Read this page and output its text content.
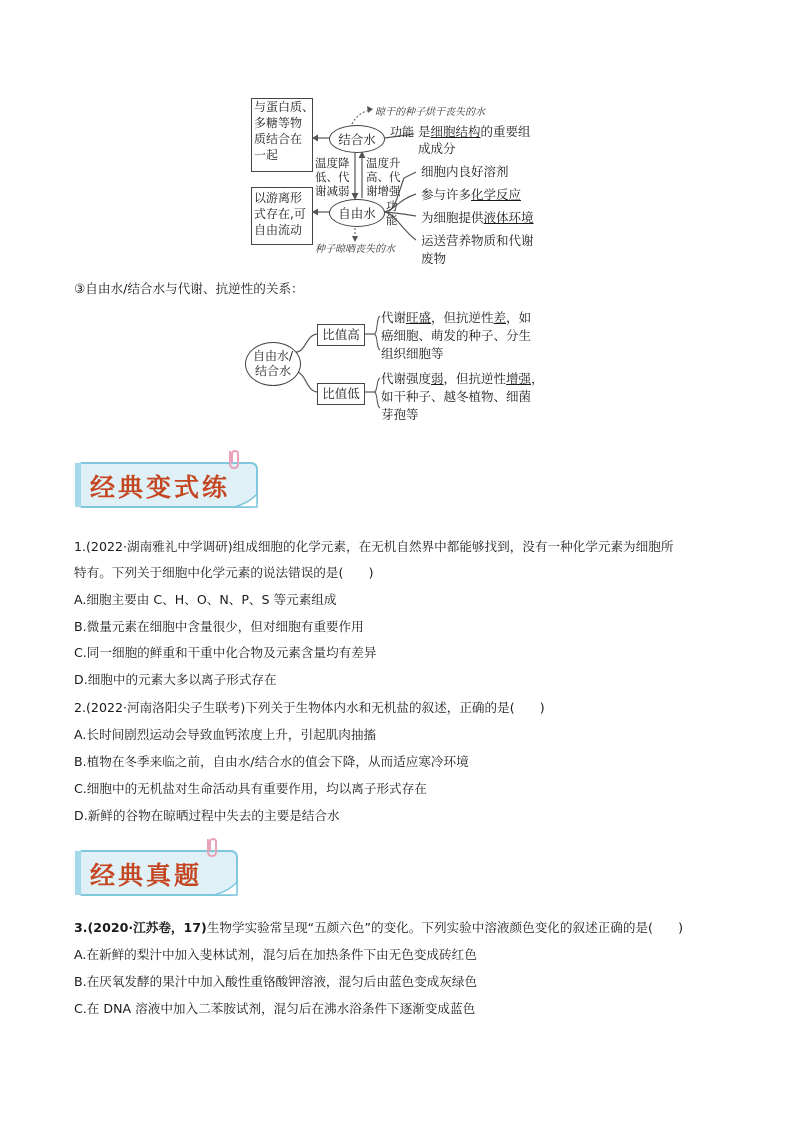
与蛋白质、
多糖等物
质结合在
一起
以游离形
式存在,可
自由流动
结合水
自由水
晾干的种子烘干丧失的水
种子晾晒丧失的水
功能 是细胞结构的重要组
成成分
温度降
低、代
谢减弱
温度升
高、代
谢增强
功
能
细胞内良好溶剂
参与许多化学反应
为细胞提供液体环境
运送营养物质和代谢
废物
③自由水/结合水与代谢、抗逆性的关系：
自由水/
结合水
比值高
比值低
代谢旺盛，但抗逆性差，如
癌细胞、萌发的种子、分生
组织细胞等
代谢强度弱，但抗逆性增强，
如干种子、越冬植物、细菌
芽孢等
经典变式练
1.(2022·湖南雅礼中学调研)组成细胞的化学元素，在无机自然界中都能够找到，没有一种化学元素为细胞所
特有。下列关于细胞中化学元素的说法错误的是(　　)
A.细胞主要由 C、H、O、N、P、S 等元素组成
B.微量元素在细胞中含量很少，但对细胞有重要作用
C.同一细胞的鲜重和干重中化合物及元素含量均有差异
D.细胞中的元素大多以离子形式存在
2.(2022·河南洛阳尖子生联考)下列关于生物体内水和无机盐的叙述，正确的是(　　)
A.长时间剧烈运动会导致血钙浓度上升，引起肌肉抽搐
B.植物在冬季来临之前，自由水/结合水的值会下降，从而适应寒冷环境
C.细胞中的无机盐对生命活动具有重要作用，均以离子形式存在
D.新鲜的谷物在晾晒过程中失去的主要是结合水
经典真题
3.(2020·江苏卷，17)生物学实验常呈现“五颜六色”的变化。下列实验中溶液颜色变化的叙述正确的是(　　)
A.在新鲜的梨汁中加入斐林试剂，混匀后在加热条件下由无色变成砖红色
B.在厌氧发酵的果汁中加入酸性重铬酸钾溶液，混匀后由蓝色变成灰绿色
C.在 DNA 溶液中加入二苯胺试剂，混匀后在沸水浴条件下逐渐变成蓝色
